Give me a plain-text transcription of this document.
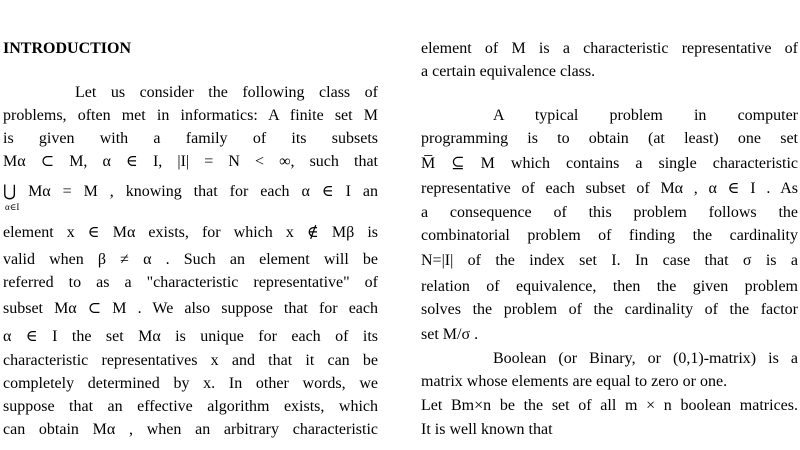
INTRODUCTION
Let us consider the following class of
problems, often met in informatics: A finite set M
is given with a family of its subsets
Mα ⊂ M, α ∈ I, |I| = N < ∞, such that
⋃ Mα = M , knowing that for each α ∈ I an
α∈I
element x ∈ Mα exists, for which x ∉ Mβ is
valid when β ≠ α . Such an element will be
referred to as a "characteristic representative" of
subset Mα ⊂ M . We also suppose that for each
α ∈ I the set Mα is unique for each of its
characteristic representatives x and that it can be
completely determined by x. In other words, we
suppose that an effective algorithm exists, which
can obtain Mα , when an arbitrary characteristic
element of M is a characteristic representative of
a certain equivalence class.
A typical problem in computer
programming is to obtain (at least) one set
M̅ ⊆ M which contains a single characteristic
representative of each subset of Mα , α ∈ I . As
a consequence of this problem follows the
combinatorial problem of finding the cardinality
N=|I| of the index set I. In case that σ is a
relation of equivalence, then the given problem
solves the problem of the cardinality of the factor
set M/σ .
Boolean (or Binary, or (0,1)-matrix) is a
matrix whose elements are equal to zero or one.
Let Bm×n be the set of all m × n boolean matrices.
It is well known that
